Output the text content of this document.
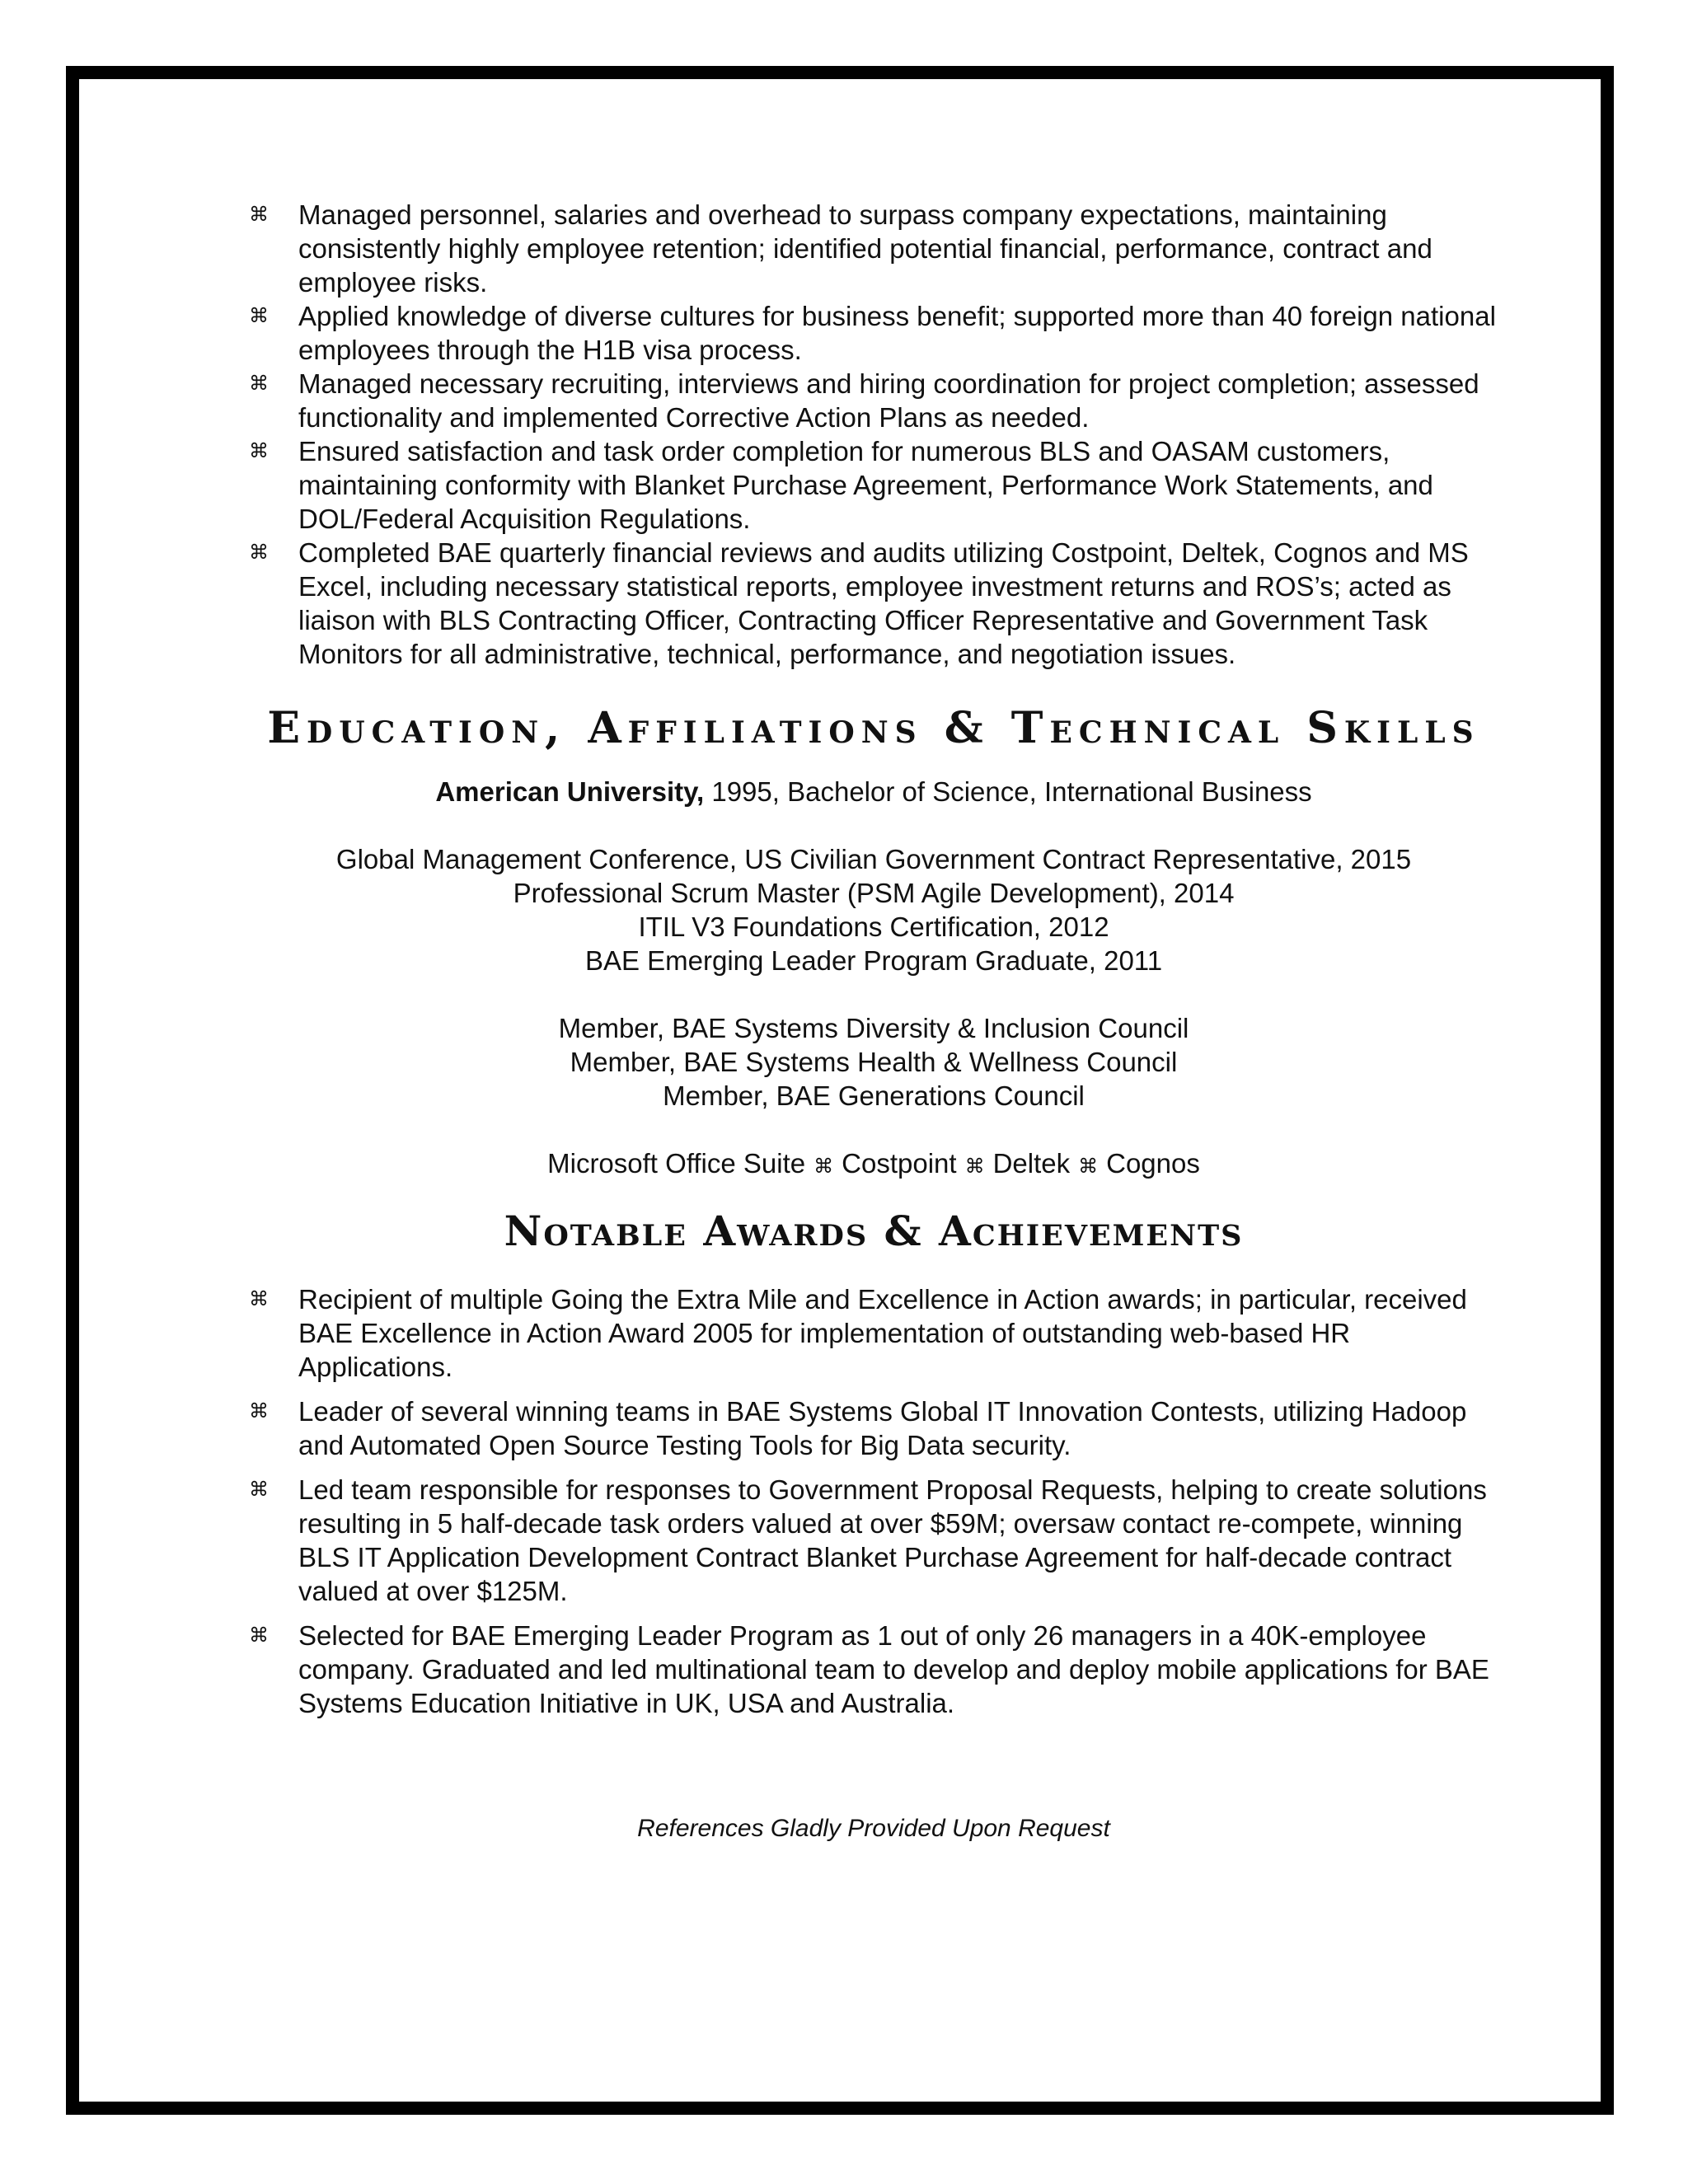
⌘ Managed personnel, salaries and overhead to surpass company expectations, maintaining consistently highly employee retention; identified potential financial, performance, contract and employee risks.
⌘ Applied knowledge of diverse cultures for business benefit; supported more than 40 foreign national employees through the H1B visa process.
⌘ Managed necessary recruiting, interviews and hiring coordination for project completion; assessed functionality and implemented Corrective Action Plans as needed.
⌘ Ensured satisfaction and task order completion for numerous BLS and OASAM customers, maintaining conformity with Blanket Purchase Agreement, Performance Work Statements, and DOL/Federal Acquisition Regulations.
⌘ Completed BAE quarterly financial reviews and audits utilizing Costpoint, Deltek, Cognos and MS Excel, including necessary statistical reports, employee investment returns and ROS’s; acted as liaison with BLS Contracting Officer, Contracting Officer Representative and Government Task Monitors for all administrative, technical, performance, and negotiation issues.
Education, Affiliations & Technical Skills

American University, 1995, Bachelor of Science, International Business

Global Management Conference, US Civilian Government Contract Representative, 2015

Professional Scrum Master (PSM Agile Development), 2014

ITIL V3 Foundations Certification, 2012

BAE Emerging Leader Program Graduate, 2011

Member, BAE Systems Diversity & Inclusion Council

Member, BAE Systems Health & Wellness Council

Member, BAE Generations Council

Microsoft Office Suite ⌘ Costpoint ⌘ Deltek ⌘ Cognos

Notable Awards & Achievements
⌘ Recipient of multiple Going the Extra Mile and Excellence in Action awards; in particular, received BAE Excellence in Action Award 2005 for implementation of outstanding web-based HR Applications.
⌘ Leader of several winning teams in BAE Systems Global IT Innovation Contests, utilizing Hadoop and Automated Open Source Testing Tools for Big Data security.
⌘ Led team responsible for responses to Government Proposal Requests, helping to create solutions resulting in 5 half-decade task orders valued at over $59M; oversaw contact re-compete, winning BLS IT Application Development Contract Blanket Purchase Agreement for half-decade contract valued at over $125M.
⌘ Selected for BAE Emerging Leader Program as 1 out of only 26 managers in a 40K-employee company. Graduated and led multinational team to develop and deploy mobile applications for BAE Systems Education Initiative in UK, USA and Australia.

References Gladly Provided Upon Request
